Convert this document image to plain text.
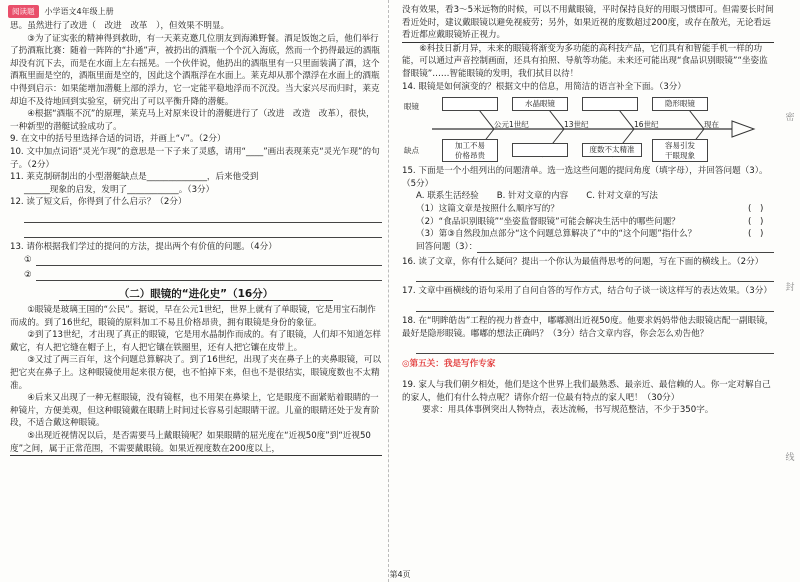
阅读题	小学语文4年级上册

思。虽然进行了改进（　改进　改革　），但效果不明显。

　　③为了证实张的精神得到救助，有一天莱克邀几位朋友到海滩野餐。酒足饭饱之后，他们举行了扔酒瓶比赛：随着一阵阵的“扑通”声，被扔出的酒瓶一个个沉入海底，然而一个扔得最远的酒瓶却没有沉下去，而是在水面上左右摇晃。一个伙伴说，他扔出的酒瓶里有一只里面装满了酒，这个酒瓶里面是空的，酒瓶里面是空的，因此这个酒瓶浮在水面上。莱克却从那个漂浮在水面上的酒瓶中得到启示：如果能增加潜艇上部的浮力，它一定能平稳地浮而不沉没。当大家兴尽而归时，莱克却迫不及待地回到实验室，研究出了可以平衡升降的潜艇。

　　④根据“酒瓶不沉”的原理，莱克马上对原来设计的潜艇进行了（改进　改造　改革），很快，一种新型的潜艇试验成功了。

9. 在文中的括号里选择合适的词语，并画上“√”。（2分）

10. 文中加点词语“灵光乍现”的意思是一下子来了灵感，请用“____”画出表现莱克“灵光乍现”的句子。（2分）

11. 莱克制研制出的小型潜艇缺点是______________，后来他受到

______现象的启发，发明了____________。（3分）

12. 读了短文后，你得到了什么启示？（2分）

13. 请你根据我们学过的提问的方法，提出两个有价值的问题。（4分）

①
②
（二）眼镜的“进化史”（16分）

　　①眼镜是玻璃王国的“公民”。据说，早在公元1世纪，世界上就有了单眼镜，它是用宝石制作而成的。到了16世纪，眼镜的原料加工不易且价格昂贵，拥有眼镜是身份的象征。

　　②到了13世纪，才出现了真正的眼镜，它是用水晶制作而成的。有了眼镜，人们却不知道怎样戴它，有人把它缝在帽子上，有人把它镶在铁圈里，还有人把它镶在皮带上。

　　③又过了两三百年，这个问题总算解决了。到了16世纪，出现了夹在鼻子上的夹鼻眼镜，可以把它夹在鼻子上。这种眼镜使用起来很方便，也不怕掉下来，但也不是很结实，眼镜度数也不太精准。

　　④后来又出现了一种无框眼镜，没有镜框，也不用架在鼻梁上，它是眼度不面紧贴着眼睛的一种镜片，方便美观，但这种眼镜戴在眼睛上时间过长容易引起眼睛干涩。儿童的眼睛还处于发育阶段，不适合戴这种眼镜。

　　⑤出现近视情况以后，是否需要马上戴眼镜呢？如果眼睛的屈光度在“近视50度”到“近视50度”之间，属于正常范围，不需要戴眼镜。如果近视度数在200度以上，

没有效果，看3～5米远物的时候，可以不用戴眼镜，平时保持良好的用眼习惯即可。但需要长时间看近处时，建议戴眼镜以避免视疲劳；另外，如果近视的度数超过200度，或存在散光，无论看远看近都应戴眼镜矫正视力。

　　⑥科技日新月异，未来的眼镜将渐变为多功能的高科技产品，它们具有和智能手机一样的功能，可以通过声音控制画面，还具有拍照、导航等功能。未来还可能出现“食品识别眼镜”“坐姿监督眼镜”……智能眼镜的发明，我们拭目以待！

14. 眼镜是如何演变的？根据文中的信息，用简洁的语言补全下面。（3分）

眼镜
缺点
水晶眼镜	隐形眼镜
公元1世纪	13世纪	16世纪	现在
加工不易
价格昂贵
度数不太精准	容易引发
干眼现象

15. 下面是一个小组列出的问题清单。选一选这些问题的提问角度（填字母），并回答问题（3）。（5分）

A. 联系生活经验 B. 针对文章的内容 C. 针对文章的写法
（1）这篇文章是按照什么顺序写的？	(　)
（2）“食品识别眼镜”“坐姿监督眼镜”可能会解决生活中的哪些问题？	(　)
（3）第③自然段加点部分“这个问题总算解决了”中的“这个问题”指什么？	(　)
回答问题（3）：

16. 读了文章，你有什么疑问？提出一个你认为最值得思考的问题，写在下面的横线上。（2分）

17. 文章中画横线的语句采用了自问自答的写作方式，结合句子谈一谈这样写的表达效果。（3分）

18. 在“明眸皓齿”工程的视力普查中，嘟嘟测出近视50度。他要求妈妈带他去眼镜店配一副眼镜，最好是隐形眼镜。嘟嘟的想法正确吗？（3分）结合文章内容，你会怎么劝告他？

◎第五关：我是写作专家

19. 家人与我们朝夕相处，他们是这个世界上我们最熟悉、最亲近、最信赖的人。你一定对解自己的家人，他们有什么特点呢？请你介绍一位最有特点的家人吧！（30分）

要求：用具体事例突出人物特点，表达流畅，书写规范整洁，不少于350字。

密
封
线
第4页
